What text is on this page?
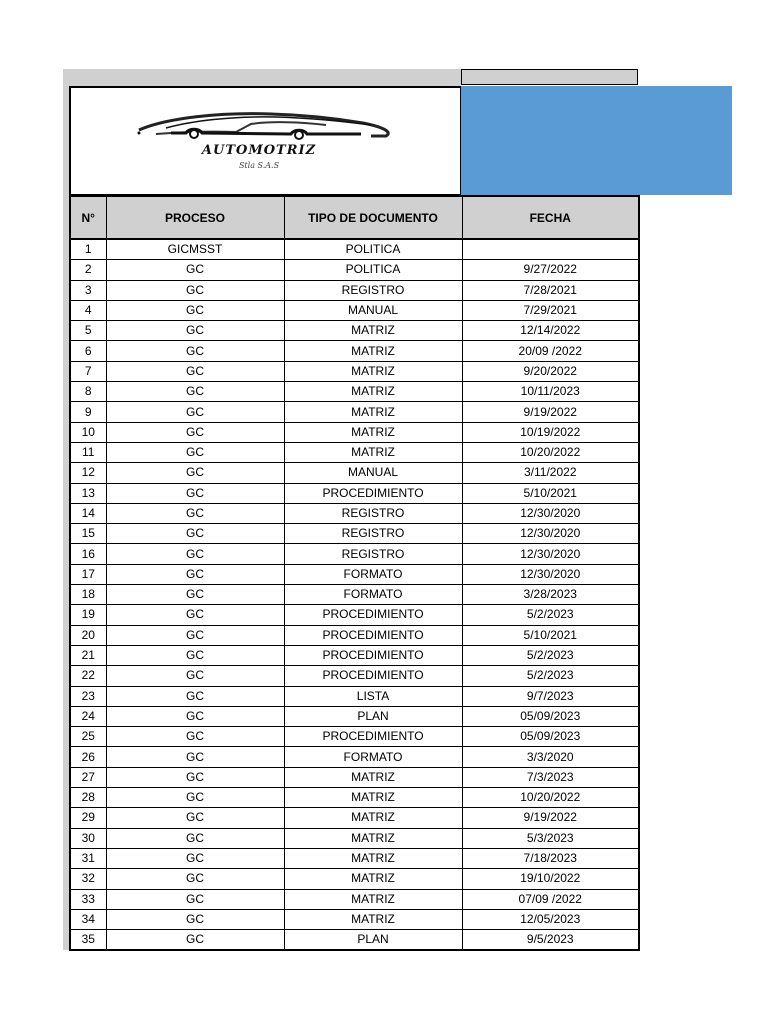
AUTOMOTRIZ
Stla S.A.S
N°	PROCESO	TIPO DE DOCUMENTO	FECHA
1	GICMSST	POLITICA	
2	GC	POLITICA	9/27/2022
3	GC	REGISTRO	7/28/2021
4	GC	MANUAL	7/29/2021
5	GC	MATRIZ	12/14/2022
6	GC	MATRIZ	20/09 /2022
7	GC	MATRIZ	9/20/2022
8	GC	MATRIZ	10/11/2023
9	GC	MATRIZ	9/19/2022
10	GC	MATRIZ	10/19/2022
11	GC	MATRIZ	10/20/2022
12	GC	MANUAL	3/11/2022
13	GC	PROCEDIMIENTO	5/10/2021
14	GC	REGISTRO	12/30/2020
15	GC	REGISTRO	12/30/2020
16	GC	REGISTRO	12/30/2020
17	GC	FORMATO	12/30/2020
18	GC	FORMATO	3/28/2023
19	GC	PROCEDIMIENTO	5/2/2023
20	GC	PROCEDIMIENTO	5/10/2021
21	GC	PROCEDIMIENTO	5/2/2023
22	GC	PROCEDIMIENTO	5/2/2023
23	GC	LISTA	9/7/2023
24	GC	PLAN	05/09/2023
25	GC	PROCEDIMIENTO	05/09/2023
26	GC	FORMATO	3/3/2020
27	GC	MATRIZ	7/3/2023
28	GC	MATRIZ	10/20/2022
29	GC	MATRIZ	9/19/2022
30	GC	MATRIZ	5/3/2023
31	GC	MATRIZ	7/18/2023
32	GC	MATRIZ	19/10/2022
33	GC	MATRIZ	07/09 /2022
34	GC	MATRIZ	12/05/2023
35	GC	PLAN	9/5/2023
